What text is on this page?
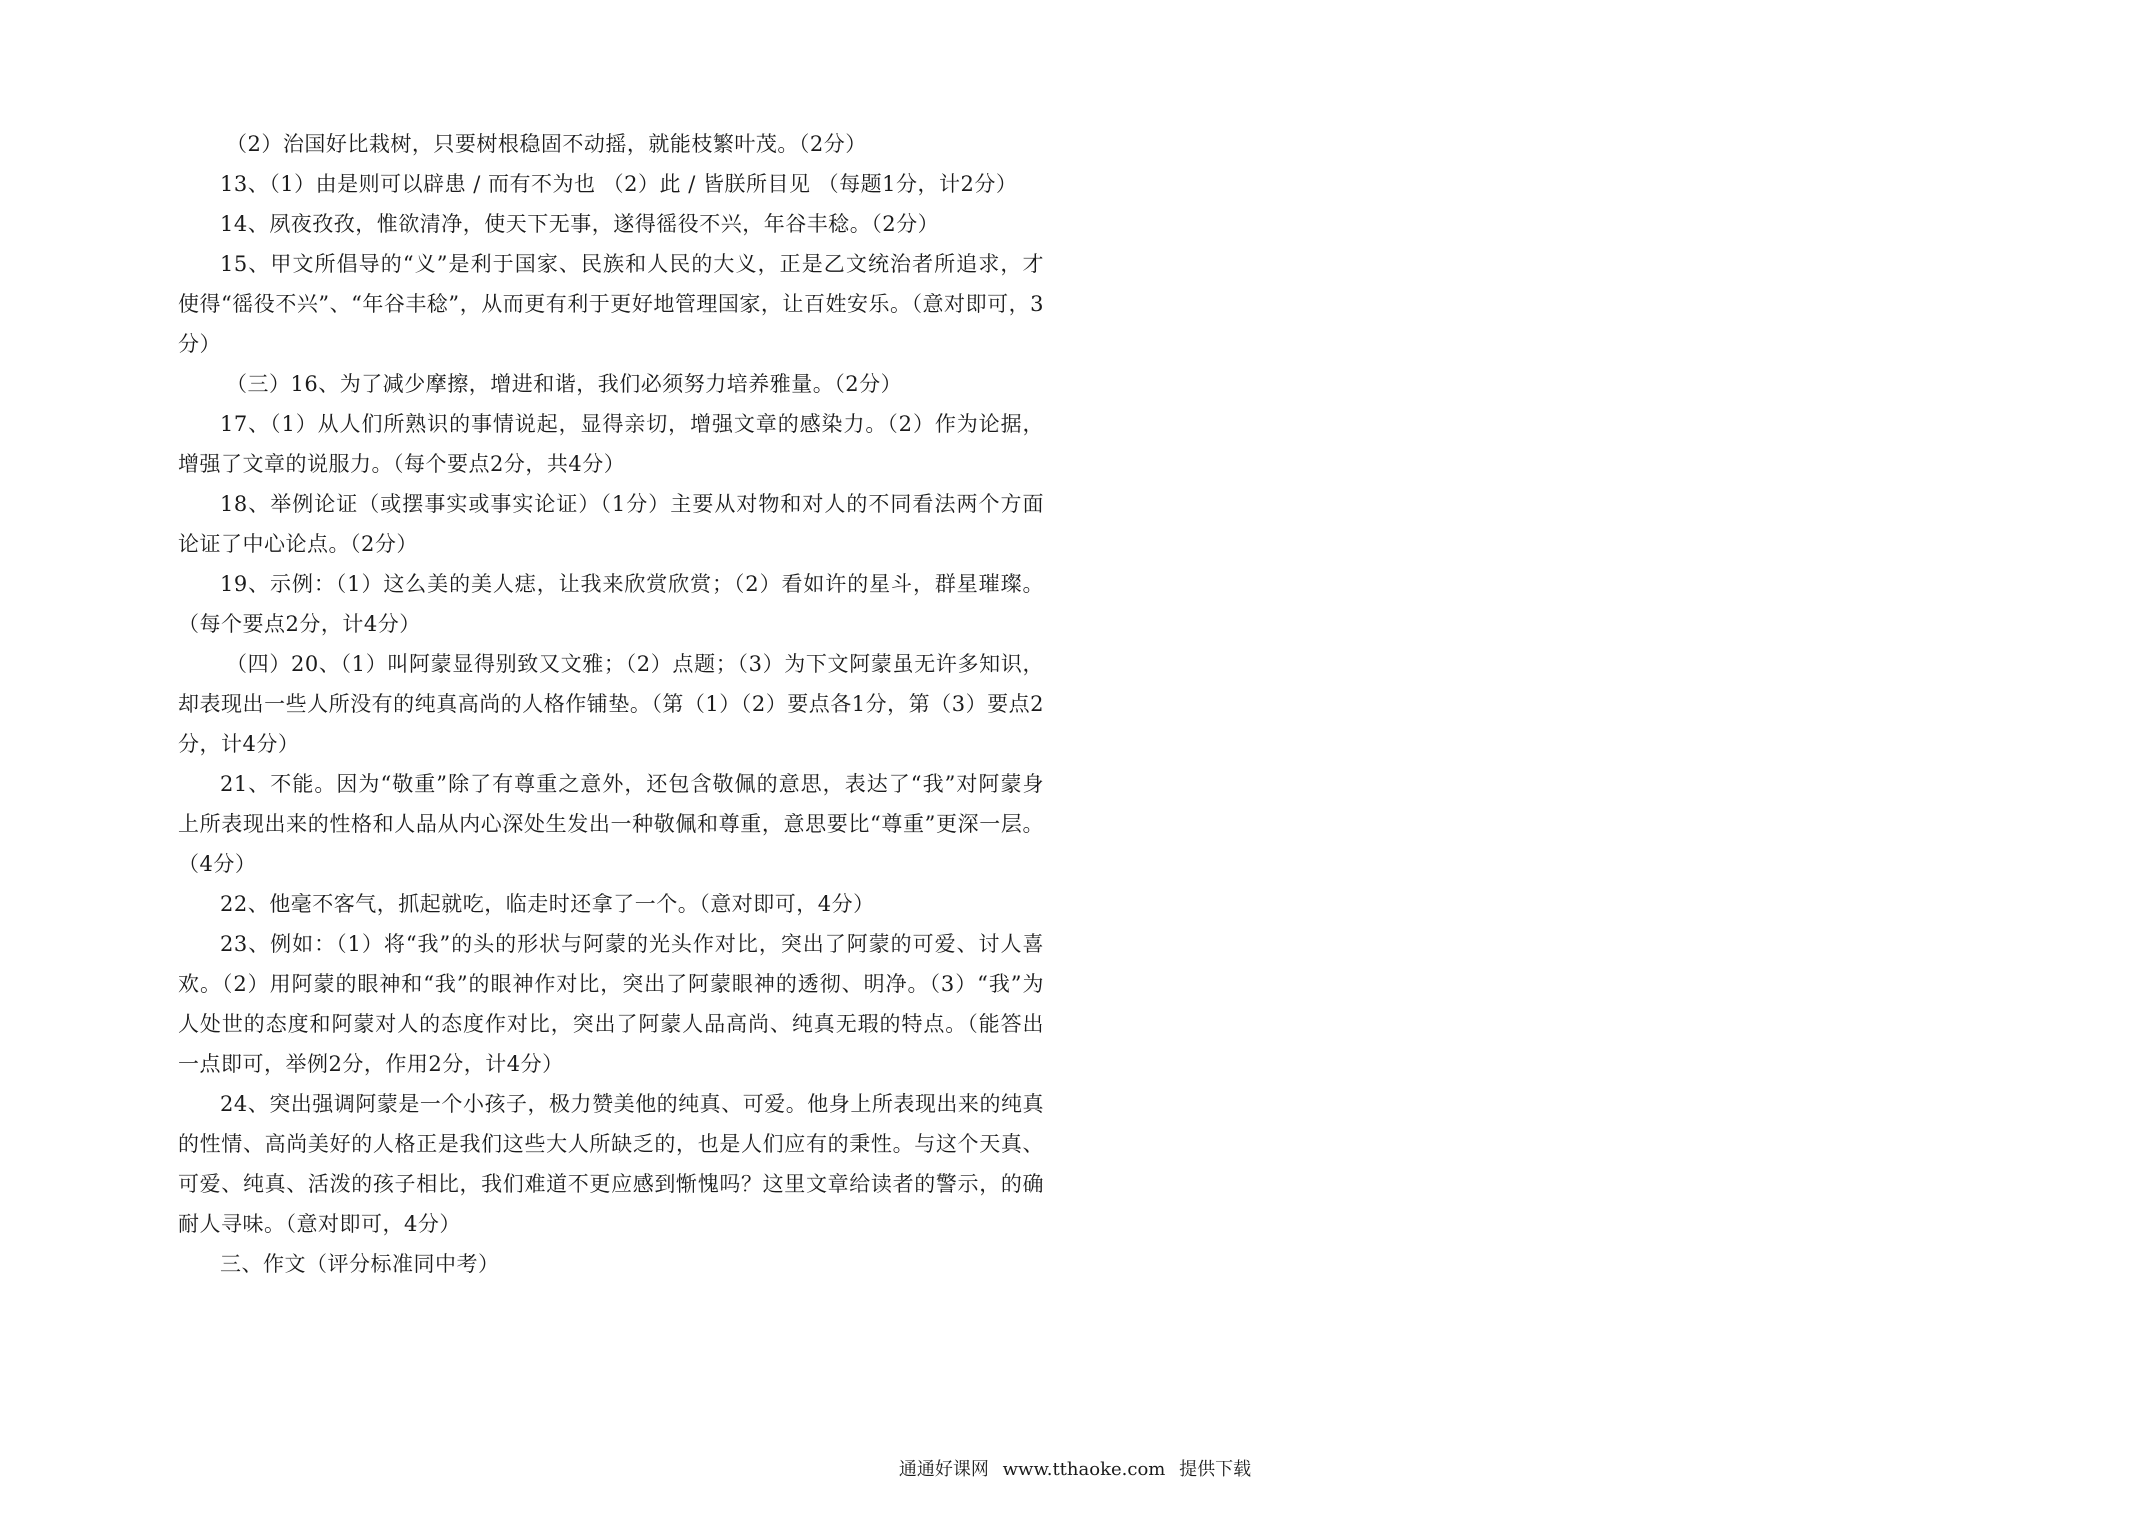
（2）治国好比栽树，只要树根稳固不动摇，就能枝繁叶茂。（2分）

13、（1）由是则可以辟患 / 而有不为也 （2）此 / 皆朕所目见 （每题1分，计2分）

14、夙夜孜孜，惟欲清净，使天下无事，遂得徭役不兴，年谷丰稔。（2分）

15、甲文所倡导的“义”是利于国家、民族和人民的大义，正是乙文统治者所追求，才使得“徭役不兴”、“年谷丰稔”，从而更有利于更好地管理国家，让百姓安乐。（意对即可，3分）

（三）16、为了减少摩擦，增进和谐，我们必须努力培养雅量。（2分）

17、（1）从人们所熟识的事情说起，显得亲切，增强文章的感染力。（2）作为论据，增强了文章的说服力。（每个要点2分，共4分）

18、举例论证（或摆事实或事实论证）（1分）主要从对物和对人的不同看法两个方面论证了中心论点。（2分）

19、示例：（1）这么美的美人痣，让我来欣赏欣赏；（2）看如许的星斗，群星璀璨。（每个要点2分，计4分）

（四）20、（1）叫阿蒙显得别致又文雅；（2）点题；（3）为下文阿蒙虽无许多知识，却表现出一些人所没有的纯真高尚的人格作铺垫。（第（1）（2）要点各1分，第（3）要点2分，计4分）

21、不能。因为“敬重”除了有尊重之意外，还包含敬佩的意思，表达了“我”对阿蒙身上所表现出来的性格和人品从内心深处生发出一种敬佩和尊重，意思要比“尊重”更深一层。（4分）

22、他毫不客气，抓起就吃，临走时还拿了一个。（意对即可，4分）

23、例如：（1）将“我”的头的形状与阿蒙的光头作对比，突出了阿蒙的可爱、讨人喜欢。（2）用阿蒙的眼神和“我”的眼神作对比，突出了阿蒙眼神的透彻、明净。（3）“我”为人处世的态度和阿蒙对人的态度作对比，突出了阿蒙人品高尚、纯真无瑕的特点。（能答出一点即可，举例2分，作用2分，计4分）

24、突出强调阿蒙是一个小孩子，极力赞美他的纯真、可爱。他身上所表现出来的纯真的性情、高尚美好的人格正是我们这些大人所缺乏的，也是人们应有的秉性。与这个天真、可爱、纯真、活泼的孩子相比，我们难道不更应感到惭愧吗？这里文章给读者的警示，的确耐人寻味。（意对即可，4分）

三、作文（评分标准同中考）

通通好课网 www.tthaoke.com 提供下载
